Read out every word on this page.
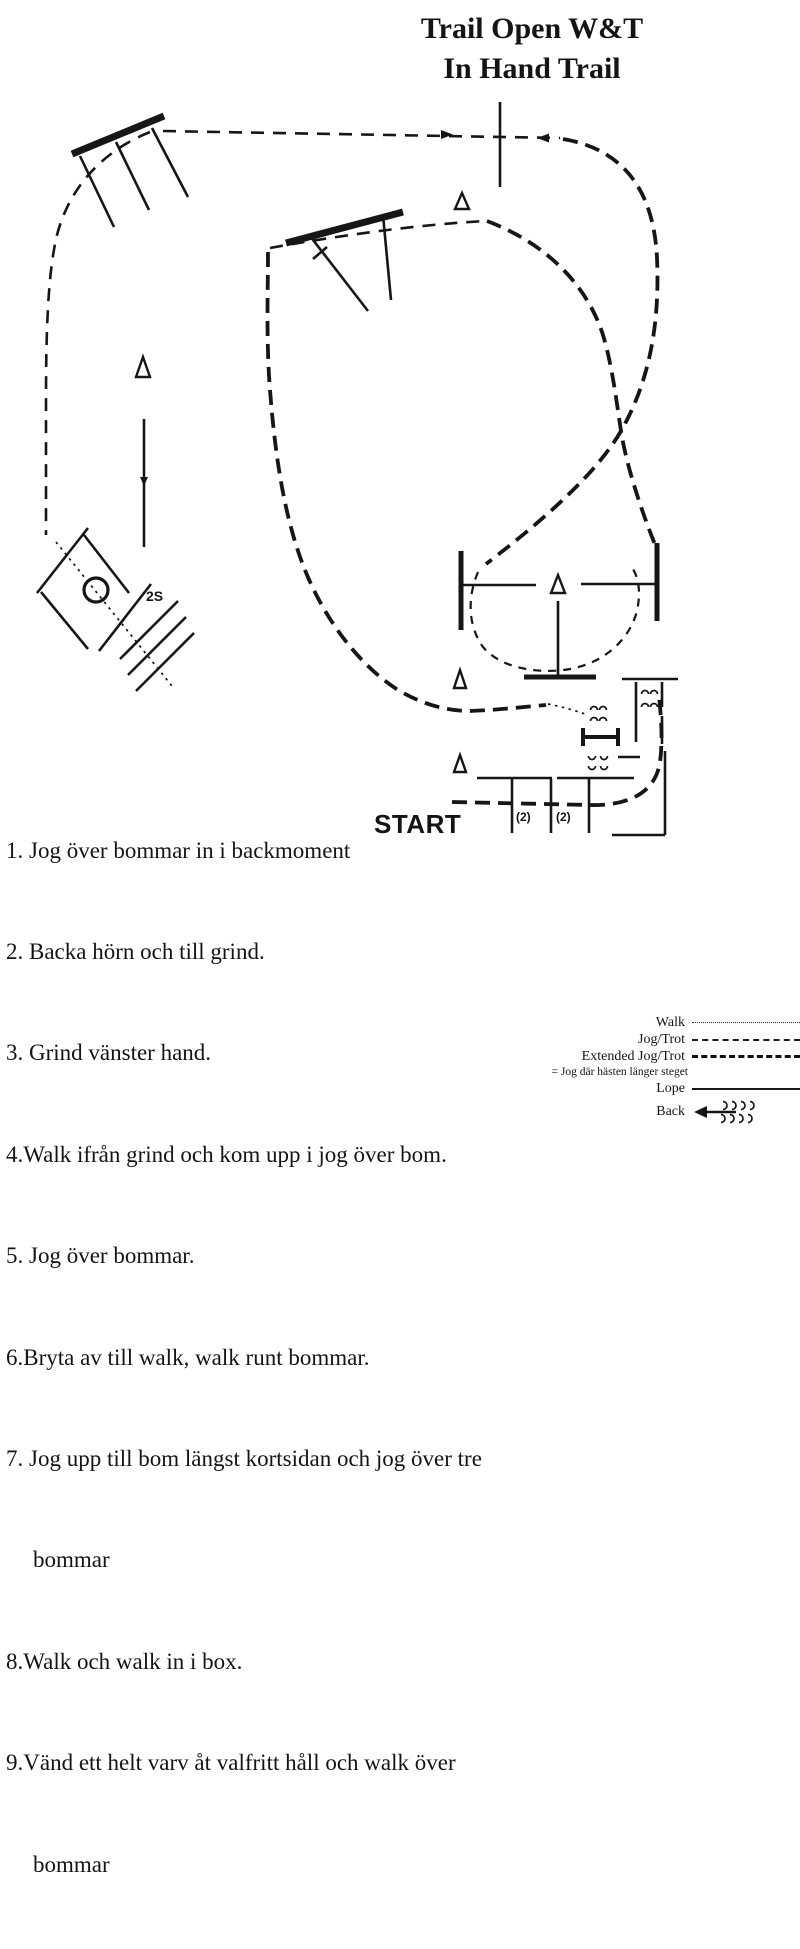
Trail Open W&T
In Hand Trail
START
2S
(2) (2)

1. Jog över bommar in i backmoment

2. Backa hörn och till grind.

3. Grind vänster hand.

4.Walk ifrån grind och kom upp i jog över bom.

5. Jog över bommar.

6.Bryta av till walk, walk runt bommar.

7. Jog upp till bom längst kortsidan och jog över tre

bommar

8.Walk och walk in i box.

9.Vänd ett helt varv åt valfritt håll och walk över

bommar

Walk
Jog/Trot
Extended Jog/Trot
= Jog där hästen länger steget
Lope
Back
